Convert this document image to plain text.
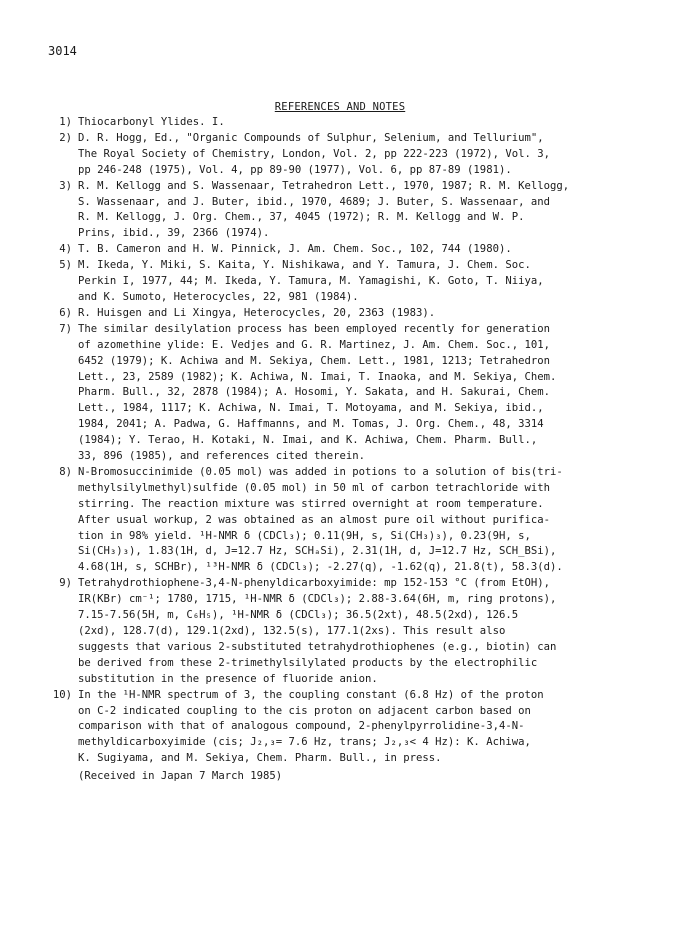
3014
REFERENCES AND NOTES
1) Thiocarbonyl Ylides. I.
2) D. R. Hogg, Ed., "Organic Compounds of Sulphur, Selenium, and Tellurium",
The Royal Society of Chemistry, London, Vol. 2, pp 222-223 (1972), Vol. 3,
pp 246-248 (1975), Vol. 4, pp 89-90 (1977), Vol. 6, pp 87-89 (1981).
3) R. M. Kellogg and S. Wassenaar, Tetrahedron Lett., 1970, 1987; R. M. Kellogg,
S. Wassenaar, and J. Buter, ibid., 1970, 4689; J. Buter, S. Wassenaar, and
R. M. Kellogg, J. Org. Chem., 37, 4045 (1972); R. M. Kellogg and W. P.
Prins, ibid., 39, 2366 (1974).
4) T. B. Cameron and H. W. Pinnick, J. Am. Chem. Soc., 102, 744 (1980).
5) M. Ikeda, Y. Miki, S. Kaita, Y. Nishikawa, and Y. Tamura, J. Chem. Soc.
Perkin I, 1977, 44; M. Ikeda, Y. Tamura, M. Yamagishi, K. Goto, T. Niiya,
and K. Sumoto, Heterocycles, 22, 981 (1984).
6) R. Huisgen and Li Xingya, Heterocycles, 20, 2363 (1983).
7) The similar desilylation process has been employed recently for generation
of azomethine ylide: E. Vedjes and G. R. Martinez, J. Am. Chem. Soc., 101,
6452 (1979); K. Achiwa and M. Sekiya, Chem. Lett., 1981, 1213; Tetrahedron
Lett., 23, 2589 (1982); K. Achiwa, N. Imai, T. Inaoka, and M. Sekiya, Chem.
Pharm. Bull., 32, 2878 (1984); A. Hosomi, Y. Sakata, and H. Sakurai, Chem.
Lett., 1984, 1117; K. Achiwa, N. Imai, T. Motoyama, and M. Sekiya, ibid.,
1984, 2041; A. Padwa, G. Haffmanns, and M. Tomas, J. Org. Chem., 48, 3314
(1984); Y. Terao, H. Kotaki, N. Imai, and K. Achiwa, Chem. Pharm. Bull.,
33, 896 (1985), and references cited therein.
8) N-Bromosuccinimide (0.05 mol) was added in potions to a solution of bis(tri-
methylsilylmethyl)sulfide (0.05 mol) in 50 ml of carbon tetrachloride with
stirring. The reaction mixture was stirred overnight at room temperature.
After usual workup, 2 was obtained as an almost pure oil without purifica-
tion in 98% yield. ¹H-NMR δ (CDCl₃); 0.11(9H, s, Si(CH₃)₃), 0.23(9H, s,
Si(CH₃)₃), 1.83(1H, d, J=12.7 Hz, SCHₐSi), 2.31(1H, d, J=12.7 Hz, SCH_BSi),
4.68(1H, s, SCHBr), ¹³H-NMR δ (CDCl₃); -2.27(q), -1.62(q), 21.8(t), 58.3(d).
9) Tetrahydrothiophene-3,4-N-phenyldicarboxyimide: mp 152-153 °C (from EtOH),
IR(KBr) cm⁻¹; 1780, 1715, ¹H-NMR δ (CDCl₃); 2.88-3.64(6H, m, ring protons),
7.15-7.56(5H, m, C₆H₅), ¹H-NMR δ (CDCl₃); 36.5(2xt), 48.5(2xd), 126.5
(2xd), 128.7(d), 129.1(2xd), 132.5(s), 177.1(2xs). This result also
suggests that various 2-substituted tetrahydrothiophenes (e.g., biotin) can
be derived from these 2-trimethylsilylated products by the electrophilic
substitution in the presence of fluoride anion.
10) In the ¹H-NMR spectrum of 3, the coupling constant (6.8 Hz) of the proton
on C-2 indicated coupling to the cis proton on adjacent carbon based on
comparison with that of analogous compound, 2-phenylpyrrolidine-3,4-N-
methyldicarboxyimide (cis; J₂,₃= 7.6 Hz, trans; J₂,₃< 4 Hz): K. Achiwa,
K. Sugiyama, and M. Sekiya, Chem. Pharm. Bull., in press.
(Received in Japan 7 March 1985)
